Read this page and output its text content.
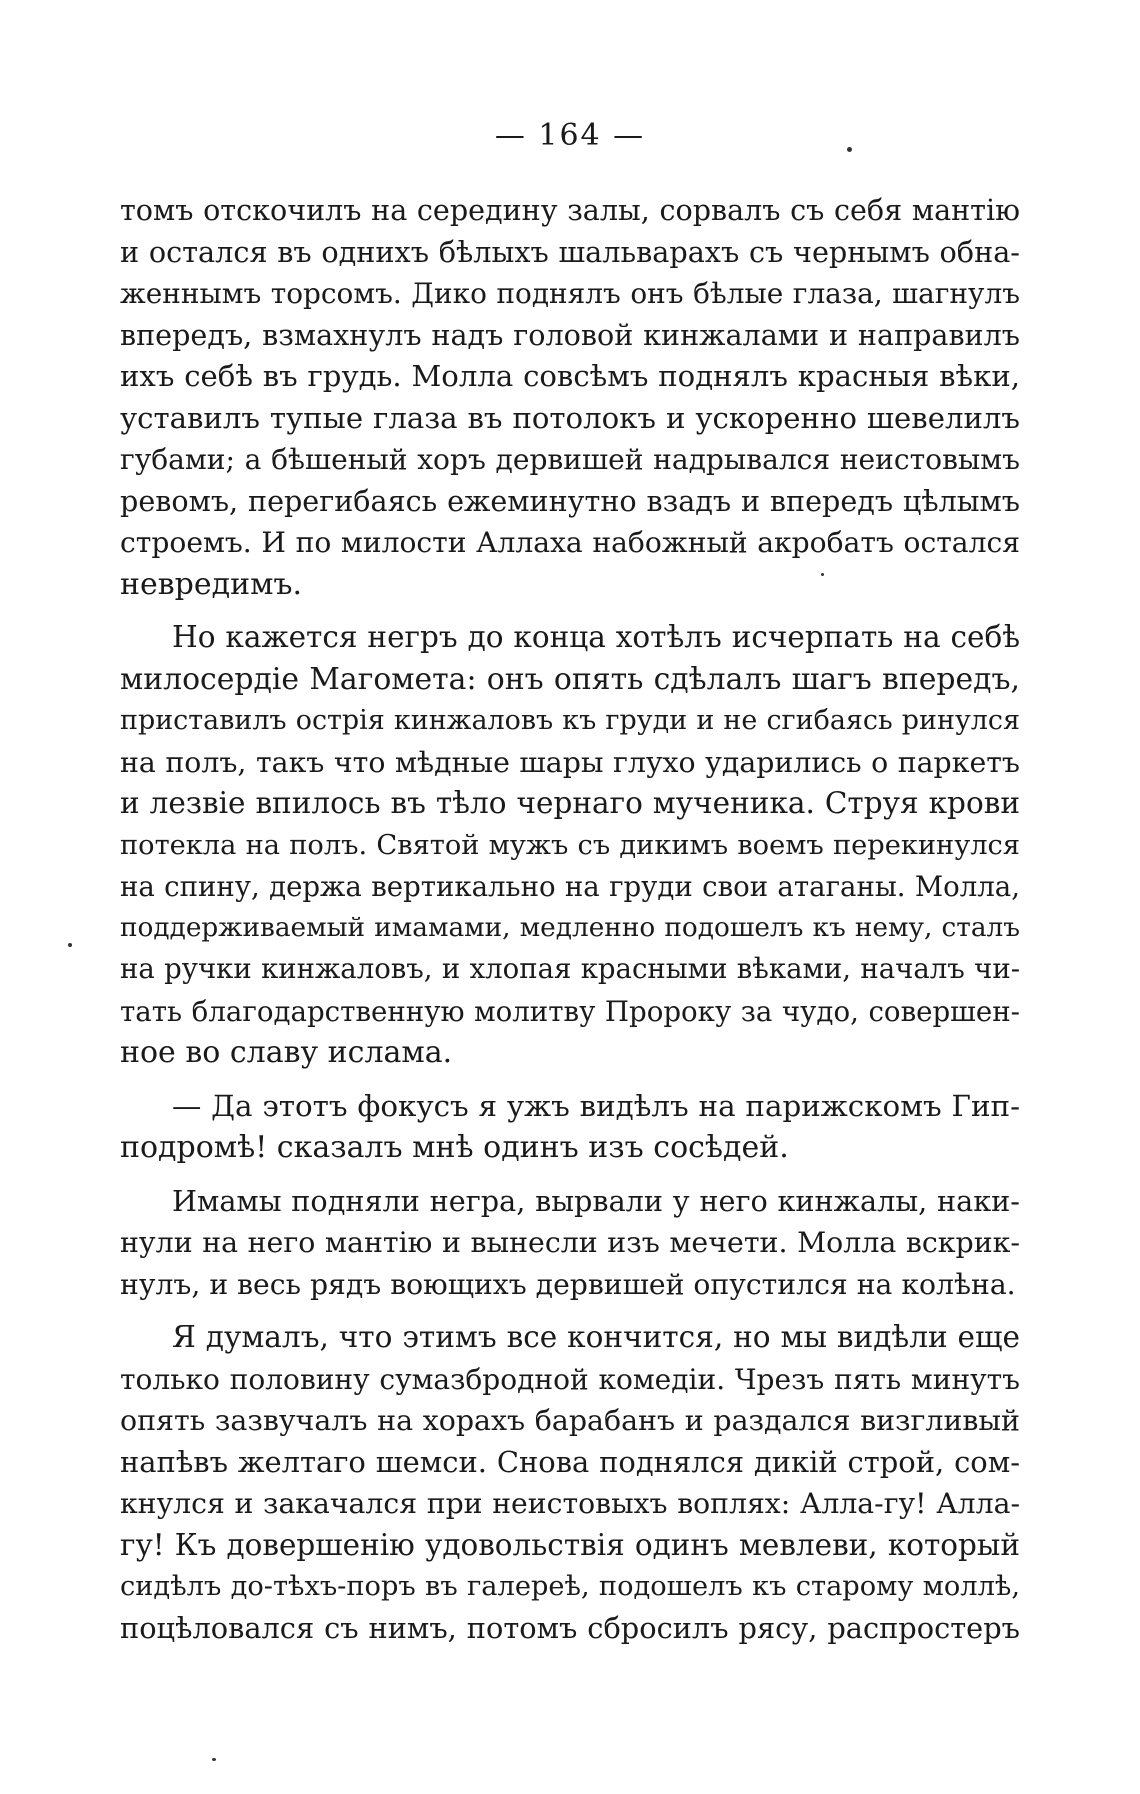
— 164 —
томъ отскочилъ на середину залы, сорвалъ съ себя мантію
и остался въ однихъ бѣлыхъ шальварахъ съ чернымъ обна-
женнымъ торсомъ. Дико поднялъ онъ бѣлые глаза, шагнулъ
впередъ, взмахнулъ надъ головой кинжалами и направилъ
ихъ себѣ въ грудь. Молла совсѣмъ поднялъ красныя вѣки,
уставилъ тупые глаза въ потолокъ и ускоренно шевелилъ
губами; а бѣшеный хоръ дервишей надрывался неистовымъ
ревомъ, перегибаясь ежеминутно взадъ и впередъ цѣлымъ
строемъ. И по милости Аллаха набожный акробатъ остался
невредимъ.
Но кажется негръ до конца хотѣлъ исчерпать на себѣ
милосердіе Магомета: онъ опять сдѣлалъ шагъ впередъ,
приставилъ острія кинжаловъ къ груди и не сгибаясь ринулся
на полъ, такъ что мѣдные шары глухо ударились о паркетъ
и лезвіе впилось въ тѣло чернаго мученика. Струя крови
потекла на полъ. Святой мужъ съ дикимъ воемъ перекинулся
на спину, держа вертикально на груди свои атаганы. Молла,
поддерживаемый имамами, медленно подошелъ къ нему, сталъ
на ручки кинжаловъ, и хлопая красными вѣками, началъ чи-
тать благодарственную молитву Пророку за чудо, совершен-
ное во славу ислама.
— Да этотъ фокусъ я ужъ видѣлъ на парижскомъ Гип-
подромѣ! сказалъ мнѣ одинъ изъ сосѣдей.
Имамы подняли негра, вырвали у него кинжалы, наки-
нули на него мантію и вынесли изъ мечети. Молла вскрик-
нулъ, и весь рядъ воющихъ дервишей опустился на колѣна.
Я думалъ, что этимъ все кончится, но мы видѣли еще
только половину сумазбродной комедіи. Чрезъ пять минутъ
опять зазвучалъ на хорахъ барабанъ и раздался визгливый
напѣвъ желтаго шемси. Снова поднялся дикій строй, сом-
кнулся и закачался при неистовыхъ воплях: Алла-гу! Алла-
гу! Къ довершенію удовольствія одинъ мевлеви, который
сидѣлъ до-тѣхъ-поръ въ галереѣ, подошелъ къ старому моллѣ,
поцѣловался съ нимъ, потомъ сбросилъ рясу, распростеръ
